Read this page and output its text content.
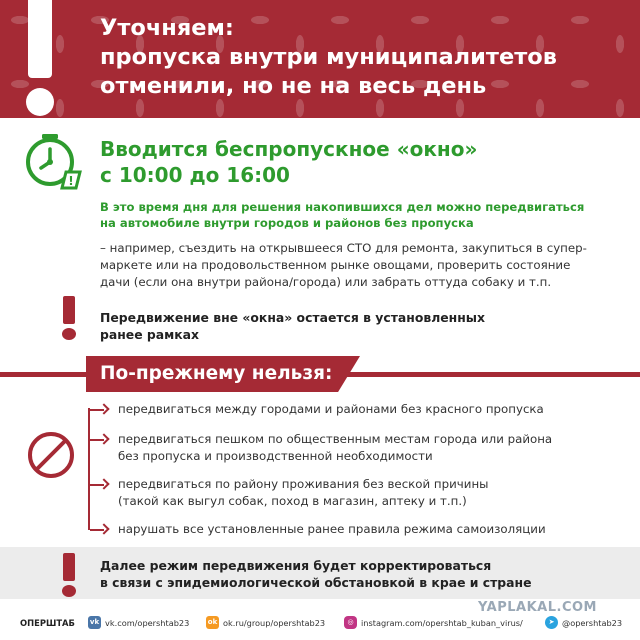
Уточняем:
пропуска внутри муниципалитетов
отменили, но не на весь день
!
Вводится беспропускное «окно»
с 10:00 до 16:00
В это время дня для решения накопившихся дел можно передвигаться
на автомобиле внутри городов и районов без пропуска
– например, съездить на открывшееся СТО для ремонта, закупиться в супер-
маркете или на продовольственном рынке овощами, проверить состояние
дачи (если она внутри района/города) или забрать оттуда собаку и т.п.
Передвижение вне «окна» остается в установленных
ранее рамках
По-прежнему нельзя:
передвигаться между городами и районами без красного пропуска
передвигаться пешком по общественным местам города или района
без пропуска и производственной необходимости
передвигаться по району проживания без веской причины
(такой как выгул собак, поход в магазин, аптеку и т.п.)
нарушать все установленные ранее правила режима самоизоляции
Далее режим передвижения будет корректироваться
в связи с эпидемиологической обстановкой в крае и стране
YAPLAKAL.COM
ОПЕРШТАБ vk vk.com/opershtab23	ok ok.ru/group/opershtab23	◎ instagram.com/opershtab_kuban_virus/	➤ @opershtab23
